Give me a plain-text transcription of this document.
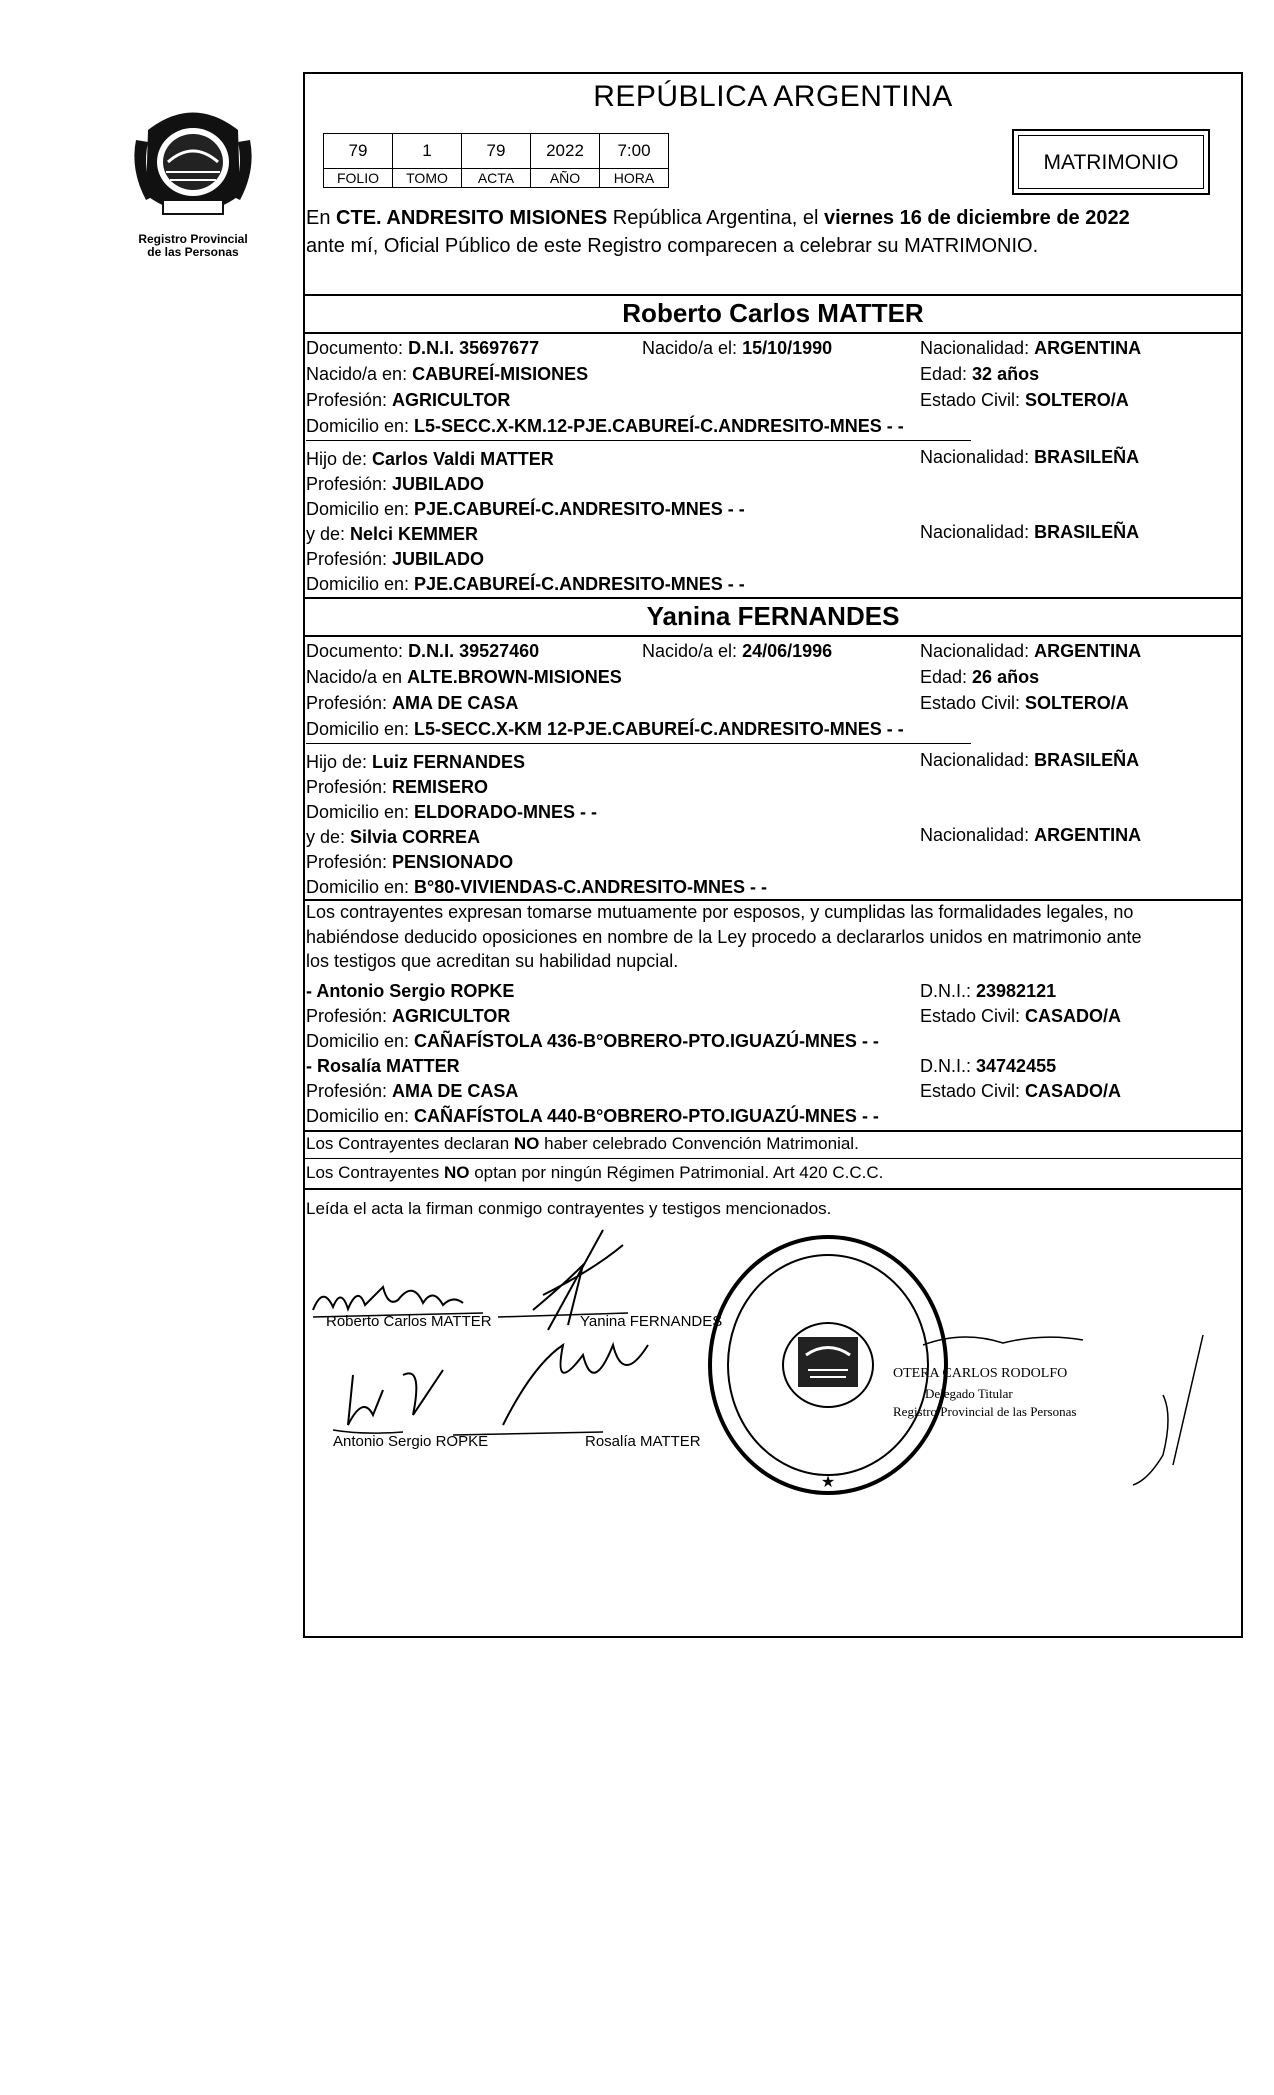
Registro Provincial
de las Personas
REPÚBLICA ARGENTINA
79	1	79	2022	7:00
FOLIO	TOMO	ACTA	AÑO	HORA
MATRIMONIO
En CTE. ANDRESITO MISIONES República Argentina, el viernes 16 de diciembre de 2022
ante mí, Oficial Público de este Registro comparecen a celebrar su MATRIMONIO.
Roberto Carlos MATTER
Documento: D.N.I. 35697677	Nacido/a el: 15/10/1990	Nacionalidad: ARGENTINA
Nacido/a en: CABUREÍ-MISIONES	Edad: 32 años
Profesión: AGRICULTOR	Estado Civil: SOLTERO/A
Domicilio en: L5-SECC.X-KM.12-PJE.CABUREÍ-C.ANDRESITO-MNES - -
Hijo de: Carlos Valdi MATTER	Nacionalidad: BRASILEÑA
Profesión: JUBILADO
Domicilio en: PJE.CABUREÍ-C.ANDRESITO-MNES - -
y de: Nelci KEMMER	Nacionalidad: BRASILEÑA
Profesión: JUBILADO
Domicilio en: PJE.CABUREÍ-C.ANDRESITO-MNES - -
Yanina FERNANDES
Documento: D.N.I. 39527460	Nacido/a el: 24/06/1996	Nacionalidad: ARGENTINA
Nacido/a en ALTE.BROWN-MISIONES	Edad: 26 años
Profesión: AMA DE CASA	Estado Civil: SOLTERO/A
Domicilio en: L5-SECC.X-KM 12-PJE.CABUREÍ-C.ANDRESITO-MNES - -
Hijo de: Luiz FERNANDES	Nacionalidad: BRASILEÑA
Profesión: REMISERO
Domicilio en: ELDORADO-MNES - -
y de: Silvia CORREA	Nacionalidad: ARGENTINA
Profesión: PENSIONADO
Domicilio en: B°80-VIVIENDAS-C.ANDRESITO-MNES - -
Los contrayentes expresan tomarse mutuamente por esposos, y cumplidas las formalidades legales, no
habiéndose deducido oposiciones en nombre de la Ley procedo a declararlos unidos en matrimonio ante
los testigos que acreditan su habilidad nupcial.
- Antonio Sergio ROPKE	D.N.I.: 23982121
Profesión: AGRICULTOR	Estado Civil: CASADO/A
Domicilio en: CAÑAFÍSTOLA 436-B°OBRERO-PTO.IGUAZÚ-MNES - -
- Rosalía MATTER	D.N.I.: 34742455
Profesión: AMA DE CASA	Estado Civil: CASADO/A
Domicilio en: CAÑAFÍSTOLA 440-B°OBRERO-PTO.IGUAZÚ-MNES - -
Los Contrayentes declaran NO haber celebrado Convención Matrimonial.
Los Contrayentes NO optan por ningún Régimen Patrimonial. Art 420 C.C.C.
Leída el acta la firman conmigo contrayentes y testigos mencionados.
★
Roberto Carlos MATTER	Yanina FERNANDES
Antonio Sergio ROPKE	Rosalía MATTER
OTERA CARLOS RODOLFO
Delegado Titular
Registro Provincial de las Personas
